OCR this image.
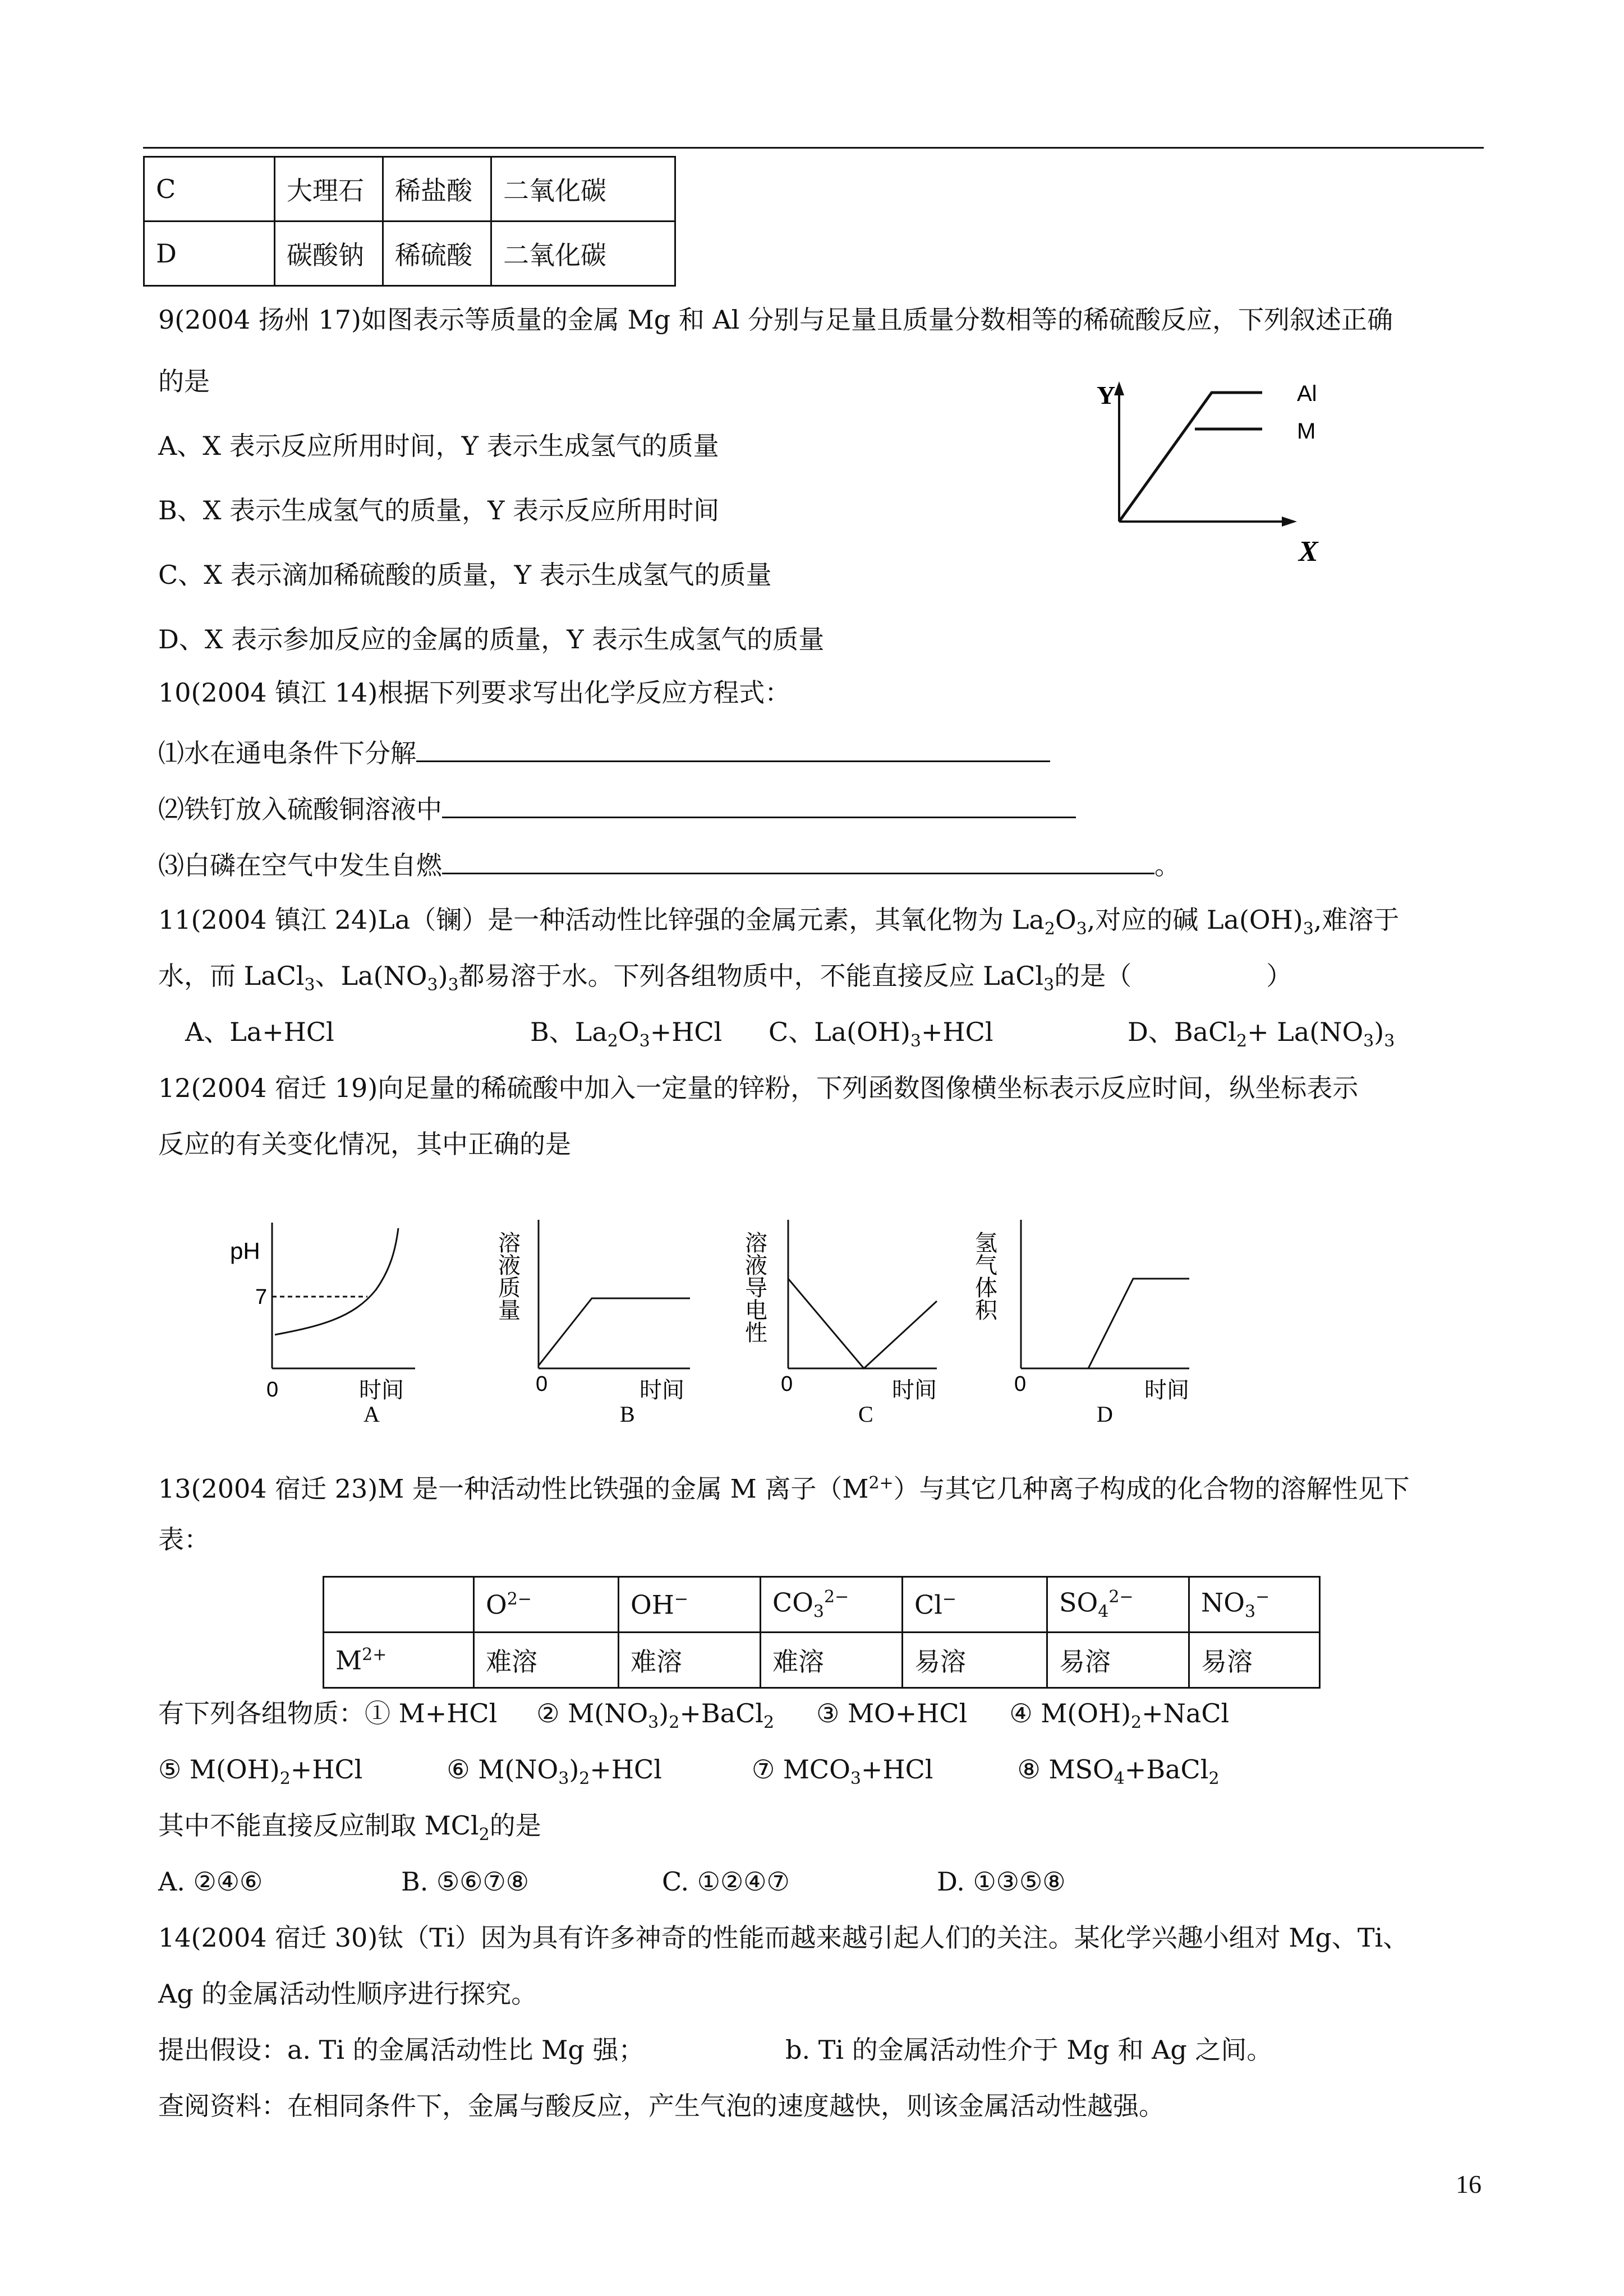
C	大理石	稀盐酸	二氧化碳
D	碳酸钠	稀硫酸	二氧化碳
9(2004 扬州 17)如图表示等质量的金属 Mg 和 Al 分别与足量且质量分数相等的稀硫酸反应，下列叙述正确
的是
A、X 表示反应所用时间，Y 表示生成氢气的质量
B、X 表示生成氢气的质量，Y 表示反应所用时间
C、X 表示滴加稀硫酸的质量，Y 表示生成氢气的质量
D、X 表示参加反应的金属的质量，Y 表示生成氢气的质量
Y
X
Al
M
10(2004 镇江 14)根据下列要求写出化学反应方程式：
⑴水在通电条件下分解
⑵铁钉放入硫酸铜溶液中
⑶白磷在空气中发生自燃	。
11(2004 镇江 24)La（镧）是一种活动性比锌强的金属元素，其氧化物为 $La_2O_3$,对应的碱 $La(OH)_3$,难溶于
水，而 LaCl$_3$、$La(NO_3)_3$都易溶于水。下列各组物质中，不能直接反应 LaCl$_3$的是（	）
A、La+HCl	B、$La_2O_3+HCl$ C、$La(OH)_3+HCl$	D、BaCl$_2$+ $La(NO_3)_3$
12(2004 宿迁 19)向足量的稀硫酸中加入一定量的锌粉，下列函数图像横坐标表示反应时间，纵坐标表示
反应的有关变化情况，其中正确的是
pH
7
0	时间
A
溶液质量
0	时间
B
溶液导电性
0	时间
C
氢气体积
0	时间
D
13(2004 宿迁 23)M 是一种活动性比铁强的金属 M 离子$(M^{2+})$与其它几种离子构成的化合物的溶解性见下
表：
	$O^{2-}$	OH−	$CO_3^{2-}$	Cl−	$SO_4^{2-}$	$NO_3^-$
$M^{2+}$	难溶	难溶	难溶	易溶	易溶	易溶
有下列各组物质：① M+HCl ② $M(NO_3)_2+BaCl_2$ ③ MO+HCl ④ $M(OH)_2+NaCl$
⑤ $M(OH)_2+HCl$	⑥ $M(NO_3)_2+HCl$	⑦ $MCO_3+HCl$	⑧ $MSO_4+BaCl_2$
其中不能直接反应制取 MCl$_2$的是
A. ②④⑥	B. ⑤⑥⑦⑧	C. ①②④⑦	D. ①③⑤⑧
14(2004 宿迁 30)钛（Ti）因为具有许多神奇的性能而越来越引起人们的关注。某化学兴趣小组对 Mg、Ti、
Ag 的金属活动性顺序进行探究。
提出假设：a. Ti 的金属活动性比 Mg 强；	b. Ti 的金属活动性介于 Mg 和 Ag 之间。
查阅资料：在相同条件下，金属与酸反应，产生气泡的速度越快，则该金属活动性越强。
16
